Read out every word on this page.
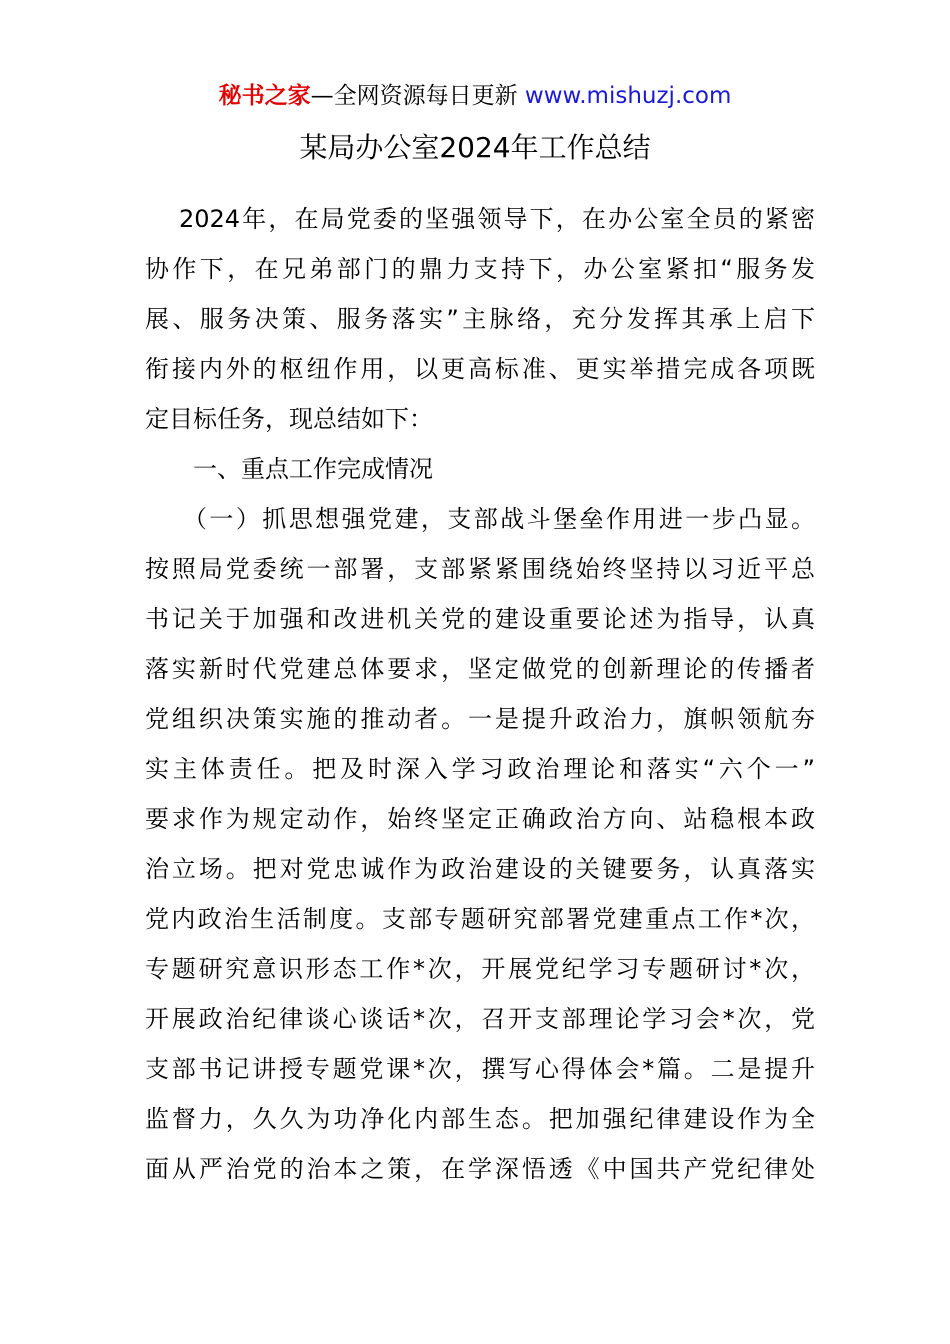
秘书之家—全网资源每日更新 www.mishuzj.com
某局办公室2024年工作总结
2024年，在局党委的坚强领导下，在办公室全员的紧密
协作下，在兄弟部门的鼎力支持下，办公室紧扣“服务发
展、服务决策、服务落实”主脉络，充分发挥其承上启下
衔接内外的枢纽作用，以更高标准、更实举措完成各项既
定目标任务，现总结如下：
一、重点工作完成情况
（一）抓思想强党建，支部战斗堡垒作用进一步凸显。
按照局党委统一部署，支部紧紧围绕始终坚持以习近平总
书记关于加强和改进机关党的建设重要论述为指导，认真
落实新时代党建总体要求，坚定做党的创新理论的传播者
党组织决策实施的推动者。一是提升政治力，旗帜领航夯
实主体责任。把及时深入学习政治理论和落实“六个一”
要求作为规定动作，始终坚定正确政治方向、站稳根本政
治立场。把对党忠诚作为政治建设的关键要务，认真落实
党内政治生活制度。支部专题研究部署党建重点工作*次，
专题研究意识形态工作*次，开展党纪学习专题研讨*次，
开展政治纪律谈心谈话*次，召开支部理论学习会*次，党
支部书记讲授专题党课*次，撰写心得体会*篇。二是提升
监督力，久久为功净化内部生态。把加强纪律建设作为全
面从严治党的治本之策，在学深悟透《中国共产党纪律处
